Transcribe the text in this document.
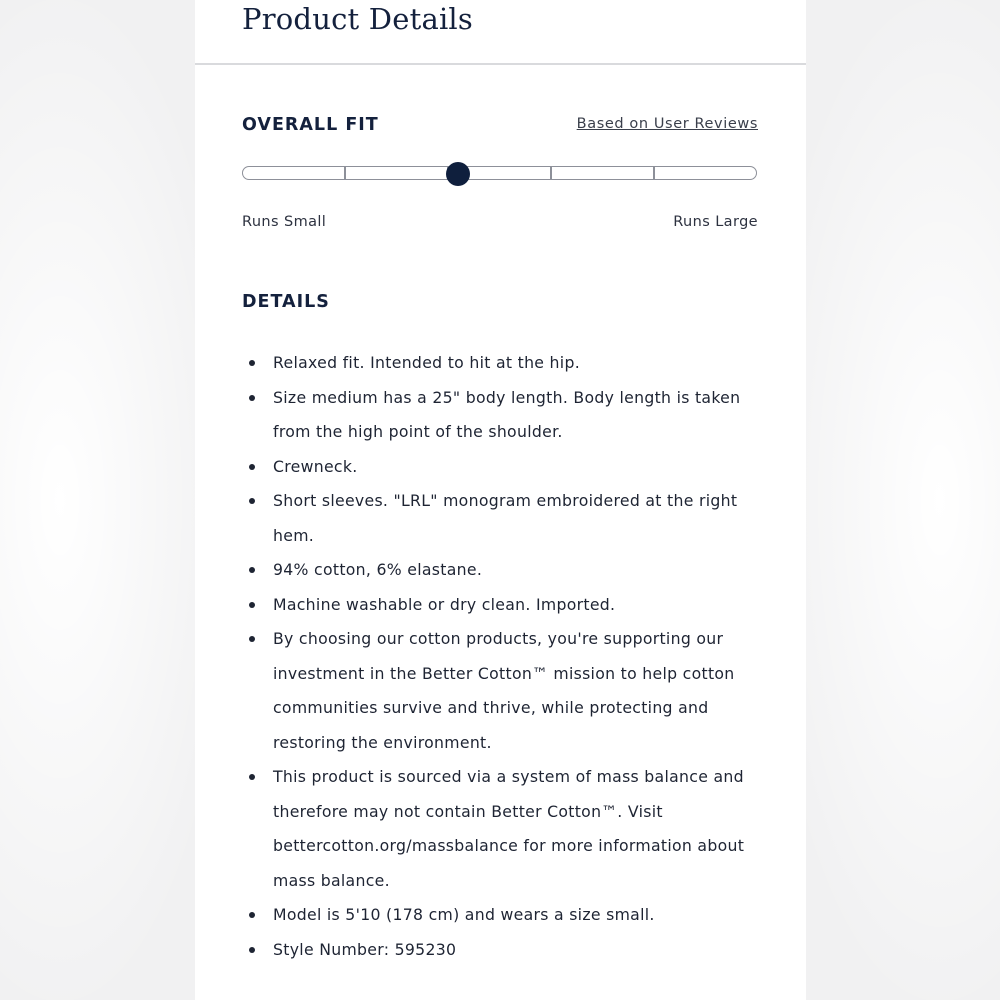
Product Details
OVERALL FIT	Based on User Reviews
Runs Small	Runs Large
DETAILS
Relaxed fit. Intended to hit at the hip.
Size medium has a 25" body length. Body length is taken from the high point of the shoulder.
Crewneck.
Short sleeves. "LRL" monogram embroidered at the right hem.
94% cotton, 6% elastane.
Machine washable or dry clean. Imported.
By choosing our cotton products, you're supporting our investment in the Better Cotton™ mission to help cotton communities survive and thrive, while protecting and restoring the environment.
This product is sourced via a system of mass balance and therefore may not contain Better Cotton™. Visit bettercotton.org/massbalance for more information about mass balance.
Model is 5'10 (178 cm) and wears a size small.
Style Number: 595230
